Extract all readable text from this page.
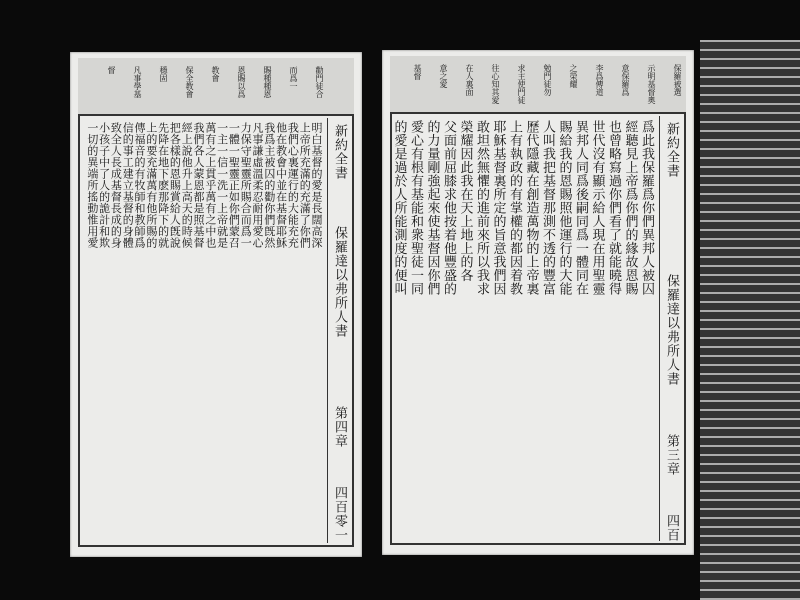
保羅被選
示明基督奧
意保羅爲
李爲傳道
之榮耀
勉門徒勿
求主使門徒
往心知其愛
在人裏面
意之愛
基督
新約全書
保羅達以弗所人書
第三章
四百
爲此我保羅爲你們異邦人被囚
經聽見上帝爲你們的緣故恩賜
也曾略寫過你們看了就能曉得
世代沒有顯示給人現在用聖靈
異邦人同爲後嗣同爲一體同在
賜給我的恩賜照他運行的大能
人叫我把基督那測不透的豐富
歷代隱藏在創造萬物的上帝裏
上有執政的有掌權的都因着教
耶穌基督裏所定的旨意我們因
敢坦然無懼的進前來所以我求
榮耀因此我在天上地上的各
父面前屈膝求他按着他豐盛的
的力量剛強起來使基督因你們
愛心有根有基能和衆聖徒一同
的愛是過於人所能測度的便叫
勸門徒合
而爲一
賜種種恩
恩賜以爲
教會
保全教會
穩固
凡事學基
督
新約全書
保羅達以弗所人書
第四章
四百零一
明白基督的愛是長闊高深
上帝所充滿的充滿了你們
我們心裏運行的大能充充
他在教會中並在基督耶穌
我爲主被囚的勸你們旣然
凡事謙虛溫柔忍耐用愛心
力保守聖靈所賜合而爲一
一體一聖靈正如你們蒙召
一主一信一洗一上帝就是
萬有之上貫乎萬有之中也
我們各人蒙恩都是照基督
經上說他升上高天的時候
把各樣的恩賜賞給人旣說
先降在地下麽那降下的就
上的要充滿萬有他所賜的
傳福音的有牧師和教師爲
信的事工建立基督的身體
致全人長成基督長成的身
小孩子中了人的詭計和欺
一切的異端所搖動惟用愛
